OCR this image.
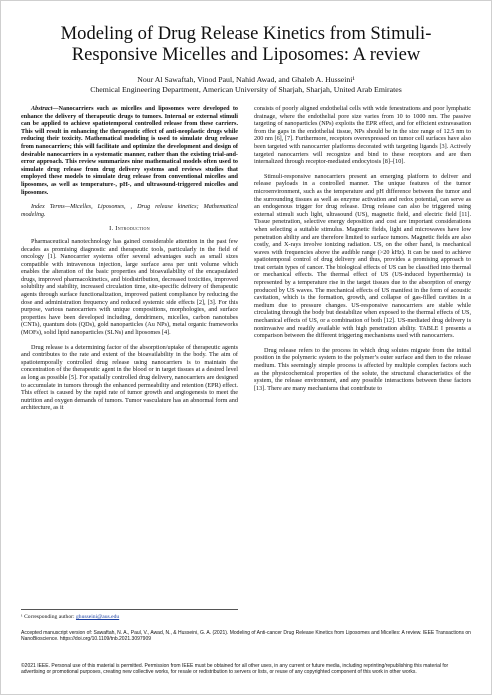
Modeling of Drug Release Kinetics from Stimuli-
Responsive Micelles and Liposomes: A review
Nour Al Sawaftah, Vinod Paul, Nahid Awad, and Ghaleb A. Husseini¹
Chemical Engineering Department, American University of Sharjah, Sharjah, United Arab Emirates

Abstract—Nanocarriers such as micelles and liposomes were developed to enhance the delivery of therapeutic drugs to tumors. Internal or external stimuli can be applied to achieve spatiotemporal controlled release from these carriers. This will result in enhancing the therapeutic effect of anti-neoplastic drugs while reducing their toxicity. Mathematical modeling is used to simulate drug release from nanocarriers; this will facilitate and optimize the development and design of desirable nanocarriers in a systematic manner, rather than the existing trial-and-error approach. This review summarizes nine mathematical models often used to simulate drug release from drug delivery systems and reviews studies that employed these models to simulate drug release from conventional micelles and liposomes, as well as temperature-, pH-, and ultrasound-triggered micelles and liposomes.

Index Terms—Micelles, Liposomes, , Drug release kinetics; Mathematical modeling.

I. Introduction

Pharmaceutical nanotechnology has gained considerable attention in the past few decades as promising diagnostic and therapeutic tools, particularly in the field of oncology [1]. Nanocarrier systems offer several advantages such as small sizes compatible with intravenous injection, large surface area per unit volume which enables the alteration of the basic properties and bioavailability of the encapsulated drugs, improved pharmacokinetics, and biodistribution, decreased toxicities, improved solubility and stability, increased circulation time, site-specific delivery of therapeutic agents through surface functionalization, improved patient compliance by reducing the dose and administration frequency and reduced systemic side effects [2], [3]. For this purpose, various nanocarriers with unique compositions, morphologies, and surface properties have been developed including, dendrimers, micelles, carbon nanotubes (CNTs), quantum dots (QDs), gold nanoparticles (Au NPs), metal organic frameworks (MOFs), solid lipid nanoparticles (SLNs) and liposomes [4].

Drug release is a determining factor of the absorption/uptake of therapeutic agents and contributes to the rate and extent of the bioavailability in the body. The aim of spatiotemporally controlled drug release using nanocarriers is to maintain the concentration of the therapeutic agent in the blood or in target tissues at a desired level as long as possible [5]. For spatially controlled drug delivery, nanocarriers are designed to accumulate in tumors through the enhanced permeability and retention (EPR) effect. This effect is caused by the rapid rate of tumor growth and angiogenesis to meet the nutrition and oxygen demands of tumors. Tumor vasculature has an abnormal form and architecture, as it

consists of poorly aligned endothelial cells with wide fenestrations and poor lymphatic drainage, where the endothelial pore size varies from 10 to 1000 nm. The passive targeting of nanoparticles (NPs) exploits the EPR effect, and for efficient extravasation from the gaps in the endothelial tissue, NPs should be in the size range of 12.5 nm to 200 nm [6], [7]. Furthermore, receptors overexpressed on tumor cell surfaces have also been targeted with nanocarrier platforms decorated with targeting ligands [3]. Actively targeted nanocarriers will recognize and bind to these receptors and are then internalized through receptor-mediated endocytosis [8]–[10].

Stimuli-responsive nanocarriers present an emerging platform to deliver and release payloads in a controlled manner. The unique features of the tumor microenvironment, such as the temperature and pH difference between the tumor and the surrounding tissues as well as enzyme activation and redox potential, can serve as an endogenous trigger for drug release. Drug release can also be triggered using external stimuli such light, ultrasound (US), magnetic field, and electric field [11]. Tissue penetration, selective energy deposition and cost are important considerations when selecting a suitable stimulus. Magnetic fields, light and microwaves have low penetration ability and are therefore limited to surface tumors. Magnetic fields are also costly, and X-rays involve ionizing radiation. US, on the other hand, is mechanical waves with frequencies above the audible range (>20 kHz). It can be used to achieve spatiotemporal control of drug delivery and thus, provides a promising approach to treat certain types of cancer. The biological effects of US can be classified into thermal or mechanical effects. The thermal effect of US (US-induced hyperthermia) is represented by a temperature rise in the target tissues due to the absorption of energy produced by US waves. The mechanical effects of US manifest in the form of acoustic cavitation, which is the formation, growth, and collapse of gas-filled cavities in a medium due to pressure changes. US-responsive nanocarriers are stable while circulating through the body but destabilize when exposed to the thermal effects of US, mechanical effects of US, or a combination of both [12]. US-mediated drug delivery is noninvasive and readily available with high penetration ability. TABLE I presents a comparison between the different triggering mechanisms used with nanocarriers.

Drug release refers to the process in which drug solutes migrate from the initial position in the polymeric system to the polymer’s outer surface and then to the release medium. This seemingly simple process is affected by multiple complex factors such as the physicochemical properties of the solute, the structural characteristics of the system, the release environment, and any possible interactions between these factors [13]. There are many mechanisms that contribute to

¹ Corresponding author: ghusseini@aus.edu
Accepted manuscript version of: Sawaftah, N. A., Paul, V., Awad, N., & Husseini, G. A. (2021). Modeling of Anti-cancer Drug Release Kinetics from Liposomes and Micelles: A review. IEEE Transactions on NanoBioscience. https://doi.org/10.1109/tnb.2021.3097909
©2021 IEEE. Personal use of this material is permitted. Permission from IEEE must be obtained for all other uses, in any current or future media, including reprinting/republishing this material for advertising or promotional purposes, creating new collective works, for resale or redistribution to servers or lists, or reuse of any copyrighted component of this work in other works.
